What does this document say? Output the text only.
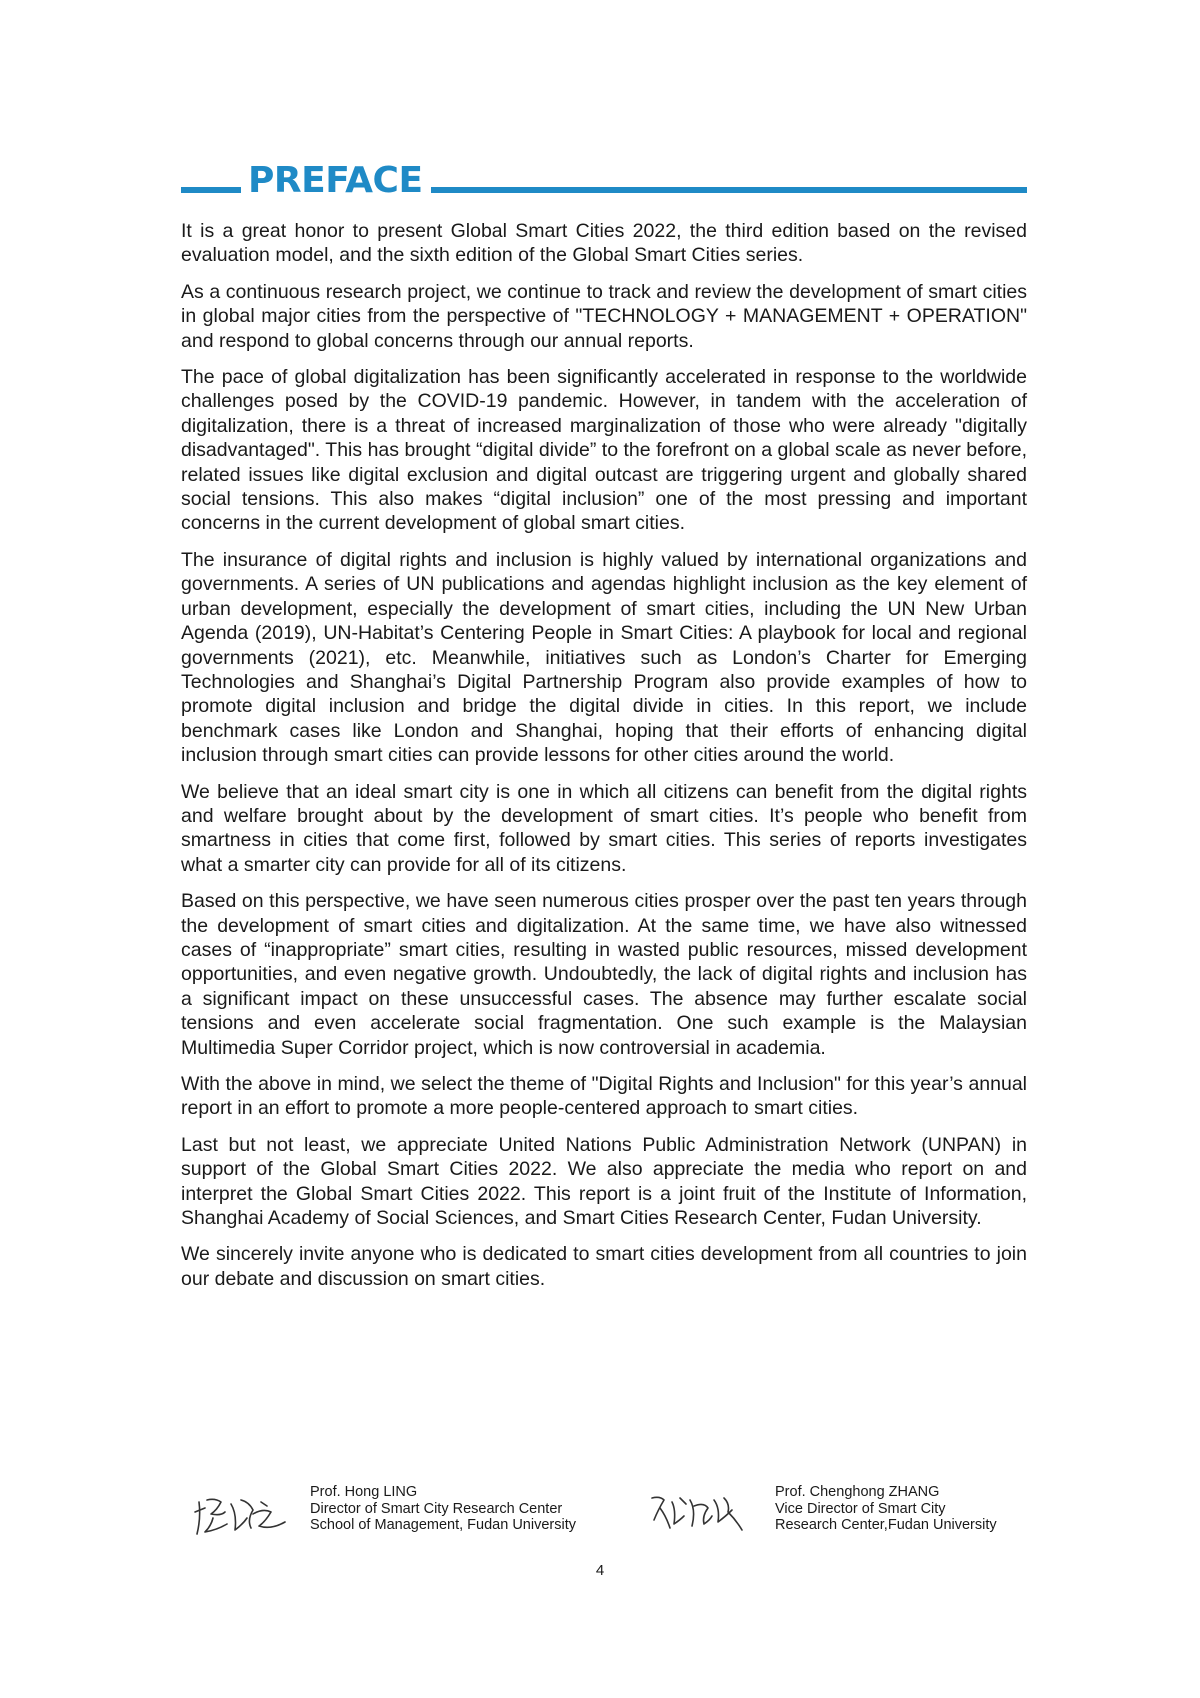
PREFACE

It is a great honor to present Global Smart Cities 2022, the third edition based on the revised evaluation model, and the sixth edition of the Global Smart Cities series.

As a continuous research project, we continue to track and review the development of smart cities in global major cities from the perspective of "TECHNOLOGY + MANAGEMENT + OPERATION" and respond to global concerns through our annual reports.

The pace of global digitalization has been significantly accelerated in response to the worldwide challenges posed by the COVID-19 pandemic. However, in tandem with the acceleration of digitalization, there is a threat of increased marginalization of those who were already "digitally disadvantaged". This has brought “digital divide” to the forefront on a global scale as never before, related issues like digital exclusion and digital outcast are triggering urgent and globally shared social tensions. This also makes “digital inclusion” one of the most pressing and important concerns in the current development of global smart cities.

The insurance of digital rights and inclusion is highly valued by international organizations and governments. A series of UN publications and agendas highlight inclusion as the key element of urban development, especially the development of smart cities, including the UN New Urban Agenda (2019), UN-Habitat’s Centering People in Smart Cities: A playbook for local and regional governments (2021), etc. Meanwhile, initiatives such as London’s Charter for Emerging Technologies and Shanghai’s Digital Partnership Program also provide examples of how to promote digital inclusion and bridge the digital divide in cities. In this report, we include benchmark cases like London and Shanghai, hoping that their efforts of enhancing digital inclusion through smart cities can provide lessons for other cities around the world.

We believe that an ideal smart city is one in which all citizens can benefit from the digital rights and welfare brought about by the development of smart cities. It’s people who benefit from smartness in cities that come first, followed by smart cities. This series of reports investigates what a smarter city can provide for all of its citizens.

Based on this perspective, we have seen numerous cities prosper over the past ten years through the development of smart cities and digitalization. At the same time, we have also witnessed cases of “inappropriate” smart cities, resulting in wasted public resources, missed development opportunities, and even negative growth. Undoubtedly, the lack of digital rights and inclusion has a significant impact on these unsuccessful cases. The absence may further escalate social tensions and even accelerate social fragmentation. One such example is the Malaysian Multimedia Super Corridor project, which is now controversial in academia.

With the above in mind, we select the theme of "Digital Rights and Inclusion" for this year’s annual report in an effort to promote a more people-centered approach to smart cities.

Last but not least, we appreciate United Nations Public Administration Network (UNPAN) in support of the Global Smart Cities 2022. We also appreciate the media who report on and interpret the Global Smart Cities 2022. This report is a joint fruit of the Institute of Information, Shanghai Academy of Social Sciences, and Smart Cities Research Center, Fudan University.

We sincerely invite anyone who is dedicated to smart cities development from all countries to join our debate and discussion on smart cities.

Prof. Hong LING
Director of Smart City Research Center
School of Management, Fudan University
Prof. Chenghong ZHANG
Vice Director of Smart City
Research Center,Fudan University
4
